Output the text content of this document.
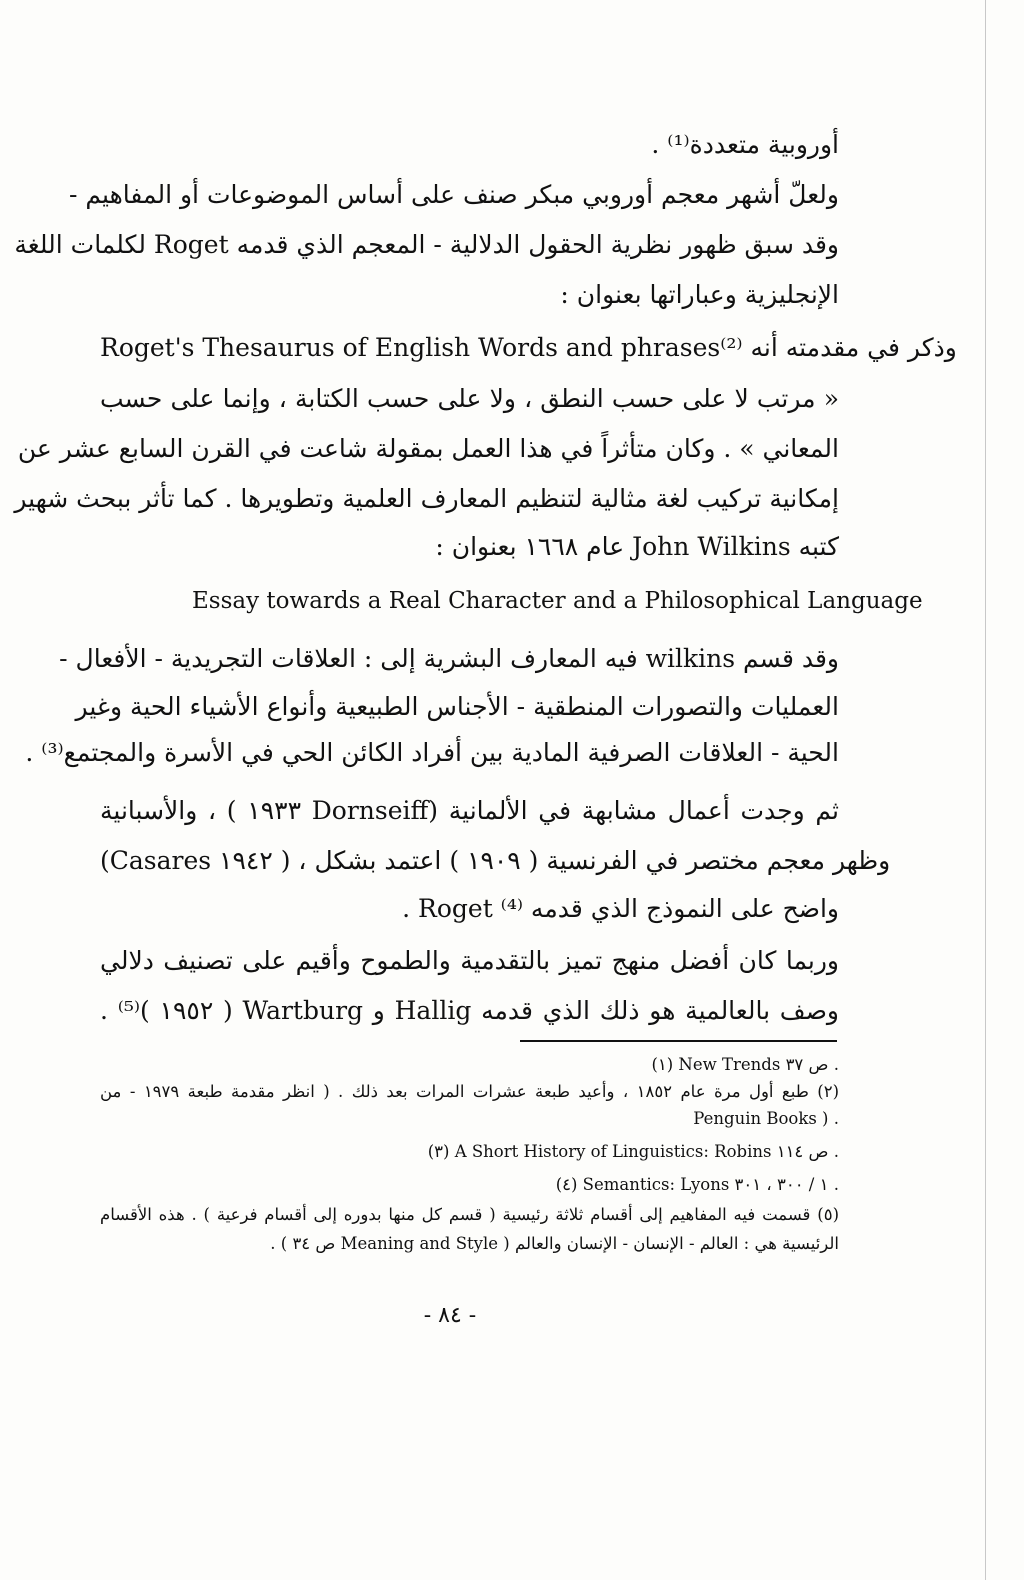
أوروبية متعددة⁽¹⁾ .
ولعلّ أشهر معجم أوروبي مبكر صنف على أساس الموضوعات أو المفاهيم -
وقد سبق ظهور نظرية الحقول الدلالية - المعجم الذي قدمه Roget لكلمات اللغة
الإنجليزية وعباراتها بعنوان :
Roget's Thesaurus of English Words and phrases⁽²⁾ وذكر في مقدمته أنه
« مرتب لا على حسب النطق ، ولا على حسب الكتابة ، وإنما على حسب
المعاني » . وكان متأثراً في هذا العمل بمقولة شاعت في القرن السابع عشر عن
إمكانية تركيب لغة مثالية لتنظيم المعارف العلمية وتطويرها . كما تأثر ببحث شهير
كتبه John Wilkins عام ١٦٦٨ بعنوان :
Essay towards a Real Character and a Philosophical Language
وقد قسم wilkins فيه المعارف البشرية إلى : العلاقات التجريدية - الأفعال -
العمليات والتصورات المنطقية - الأجناس الطبيعية وأنواع الأشياء الحية وغير
الحية - العلاقات الصرفية المادية بين أفراد الكائن الحي في الأسرة والمجتمع⁽³⁾ .
ثم وجدت أعمال مشابهة في الألمانية (Dornseiff ١٩٣٣ ) ، والأسبانية
(Casares ١٩٤٢ ) ، وظهر معجم مختصر في الفرنسية ( ١٩٠٩ ) اعتمد بشكل
واضح على النموذج الذي قدمه Roget ⁽⁴⁾ .
وربما كان أفضل منهج تميز بالتقدمية والطموح وأقيم على تصنيف دلالي
وصف بالعالمية هو ذلك الذي قدمه Hallig و Wartburg ( ١٩٥٢ )⁽⁵⁾ .
(١) New Trends ص ٣٧ .
(٢) طبع أول مرة عام ١٨٥٢ ، وأعيد طبعة عشرات المرات بعد ذلك . ( انظر مقدمة طبعة ١٩٧٩ - من
Penguin Books ) .
(٣) A Short History of Linguistics: Robins ص ١١٤ .
(٤) Semantics: Lyons ١ / ٣٠٠ ، ٣٠١ .
(٥) قسمت فيه المفاهيم إلى أقسام ثلاثة رئيسية ( قسم كل منها بدوره إلى أقسام فرعية ) . هذه الأقسام
الرئيسية هي : العالم - الإنسان - الإنسان والعالم ( Meaning and Style ص ٣٤ ) .
- ٨٤ -
